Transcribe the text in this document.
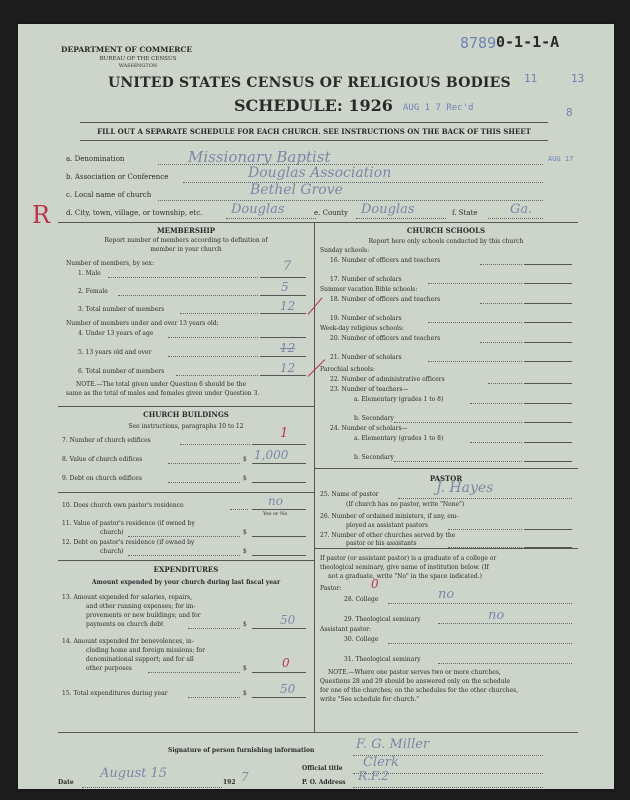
DEPARTMENT OF COMMERCE
BUREAU OF THE CENSUS
WASHINGTON
8789 0-1-1-A
11	13
8
UNITED STATES CENSUS OF RELIGIOUS BODIES
SCHEDULE: 1926 AUG 1 7 Rec'd
FILL OUT A SEPARATE SCHEDULE FOR EACH CHURCH. SEE INSTRUCTIONS ON THE BACK OF THIS SHEET
AUG 17
a. Denomination	Missionary Baptist
b. Association or Conference	Douglas Association
c. Local name of church	Bethel Grove
R d. City, town, village, or township, etc. Douglas	e. County Douglas	f. State Ga.
MEMBERSHIP
Report number of members according to definition of
member in your church
Number of members, by sex:
1. Male	7
2. Female	5
3. Total number of members	12
Number of members under and over 13 years old:
4. Under 13 years of age
5. 13 years old and over	12
6. Total number of members	12
NOTE.—The total given under Question 6 should be the
same as the total of males and females given under Question 3.
CHURCH BUILDINGS
See instructions, paragraphs 10 to 12
7. Number of church edifices	1
8. Value of church edifices	$ 1,000
9. Debt on church edifices	$
10. Does church own pastor's residence	no
Yes or No
11. Value of pastor's residence (if owned by
church)	$
12. Debt on pastor's residence (if owned by
church)	$
EXPENDITURES
Amount expended by your church during last fiscal year
13. Amount expended for salaries, repairs,
and other running expenses; for im-
provements or new buildings; and for
payments on church debt	$	50
14. Amount expended for benevolences, in-
cluding home and foreign missions; for
denominational support; and for all
other purposes	$	0
15. Total expenditures during year	$	50
CHURCH SCHOOLS
Report here only schools conducted by this church
Sunday schools:
16. Number of officers and teachers
17. Number of scholars
Summer vacation Bible schools:
18. Number of officers and teachers
19. Number of scholars
Week-day religious schools:
20. Number of officers and teachers
21. Number of scholars
Parochial schools:
22. Number of administrative officers
23. Number of teachers—
a. Elementary (grades 1 to 8)
b. Secondary
24. Number of scholars—
a. Elementary (grades 1 to 8)
b. Secondary
PASTOR
25. Name of pastor	J. Hayes
(If church has no pastor, write "None")
26. Number of ordained ministers, if any, em-
ployed as assistant pastors
27. Number of other churches served by the
pastor or his assistants
If pastor (or assistant pastor) is a graduate of a college or
theological seminary, give name of institution below. (If
not a graduate, write "No" in the space indicated.)
Pastor: 0
28. College	no
29. Theological seminary	no
Assistant pastor:
30. College
31. Theological seminary
NOTE.—Where one pastor serves two or more churches,
Questions 28 and 29 should be answered only on the schedule
for one of the churches; on the schedules for the other churches,
write "See schedule for church."
Signature of person furnishing information	F. G. Miller
Official title Clerk
Date
August 15
192 7	P. O. Address R.F.2
